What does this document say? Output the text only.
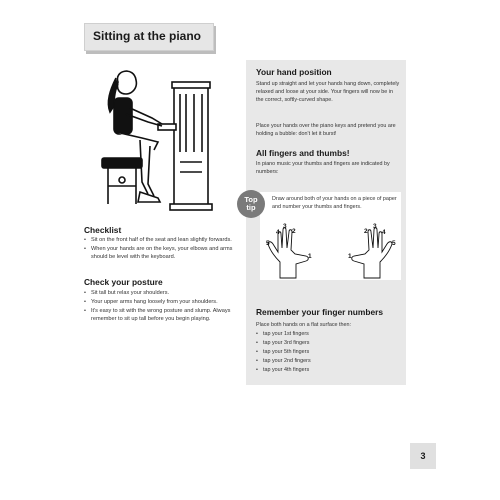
Sitting at the piano
Checklist
• Sit on the front half of the seat and lean slightly forwards.
• When your hands are on the keys, your elbows and arms should be level with the keyboard.
Check your posture
• Sit tall but relax your shoulders.
• Your upper arms hang loosely from your shoulders.
• It's easy to sit with the wrong posture and slump. Always remember to sit up tall before you begin playing.
Your hand position
Stand up straight and let your hands hang down, completely relaxed and loose at your side. Your fingers will now be in the correct, softly-curved shape.
Place your hands over the piano keys and pretend you are holding a bubble: don't let it burst!
All fingers and thumbs!
In piano music your thumbs and fingers are indicated by numbers:
Remember your finger numbers
Place both hands on a flat surface then:
• tap your 1st fingers
• tap your 3rd fingers
• tap your 5th fingers
• tap your 2nd fingers
• tap your 4th fingers
Top
tip
Draw around both of your hands on a piece of paper and number your thumbs and fingers.
5
4
3
2
1	1
2
3
4
5
3
